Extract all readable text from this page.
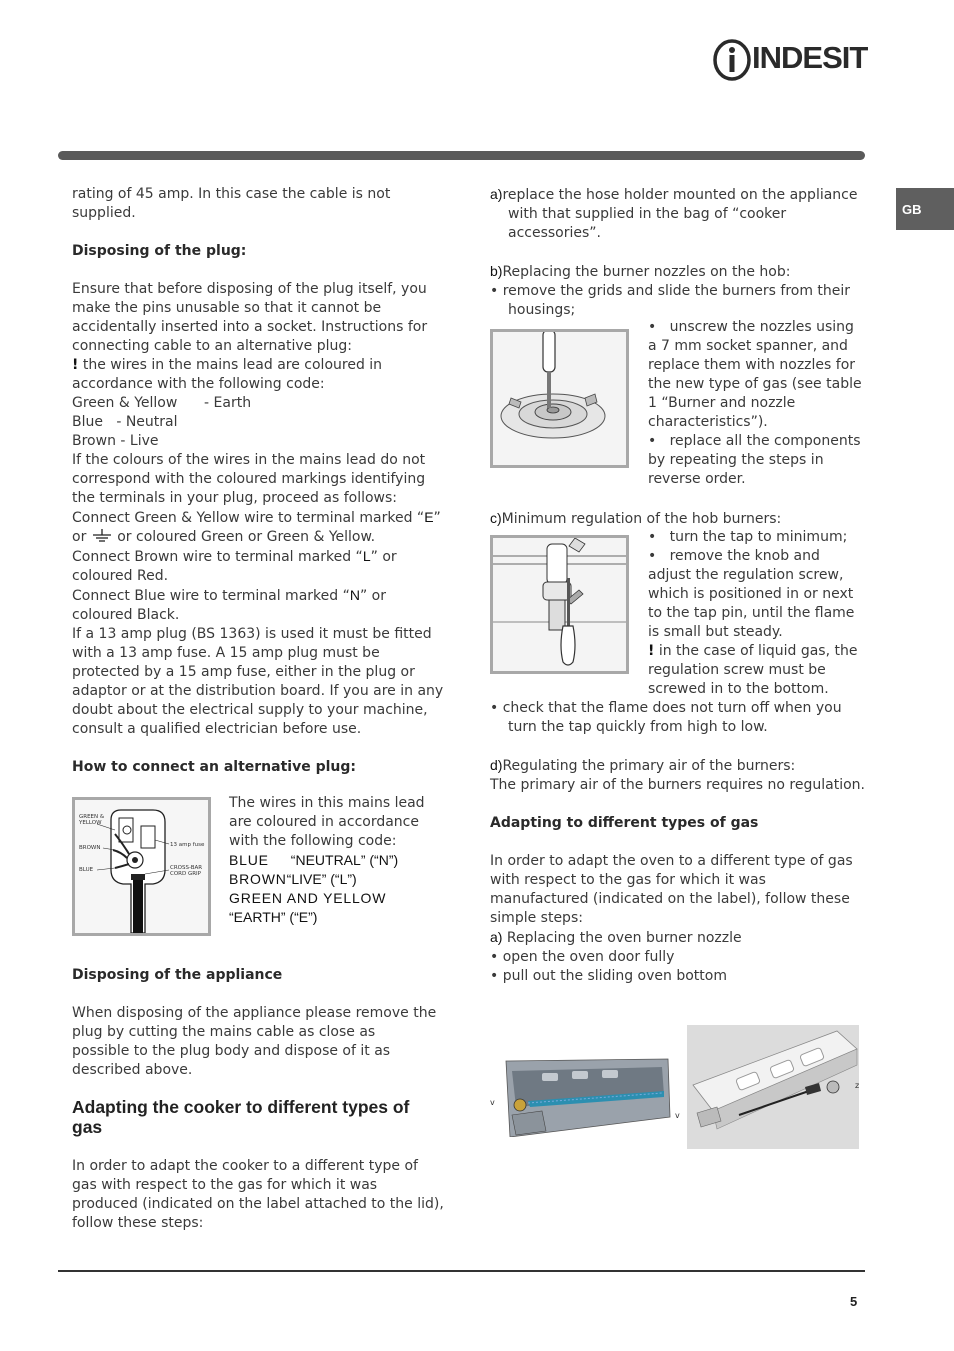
INDESIT
GB

rating of 45 amp. In this case the cable is not

supplied.

Disposing of the plug:

Ensure that before disposing of the plug itself, you

make the pins unusable so that it cannot be

accidentally inserted into a socket. Instructions for

connecting cable to an alternative plug:

! the wires in the mains lead are coloured in

accordance with the following code:

Green & Yellow      - Earth

Blue   - Neutral

Brown - Live

If the colours of the wires in the mains lead do not

correspond with the coloured markings identifying

the terminals in your plug, proceed as follows:

Connect Green & Yellow wire to terminal marked “E”

or  or coloured Green or Green & Yellow.

Connect Brown wire to terminal marked “L” or

coloured Red.

Connect Blue wire to terminal marked “N” or

coloured Black.

If a 13 amp plug (BS 1363) is used it must be fitted

with a 13 amp fuse. A 15 amp plug must be

protected by a 15 amp fuse, either in the plug or

adaptor or at the distribution board. If you are in any

doubt about the electrical supply to your machine,

consult a qualified electrician before use.

How to connect an alternative plug:

GREEN &
YELLOW
BROWN
BLUE
13 amp fuse
CROSS-BAR
CORD GRIP

The wires in this mains lead

are coloured in accordance

with the following code:

BLUE “NEUTRAL” (“N”)

BROWN“LIVE” (“L”)

GREEN AND YELLOW

“EARTH” (“E”)

Disposing of the appliance

When disposing of the appliance please remove the

plug by cutting the mains cable as close as

possible to the plug body and dispose of it as

described above.

Adapting the cooker to different types of
gas

In order to adapt the cooker to a different type of

gas with respect to the gas for which it was

produced (indicated on the label attached to the lid),

follow these steps:

a)replace the hose holder mounted on the appliance with that supplied in the bag of “cooker accessories”.

b)Replacing the burner nozzles on the hob:

• remove the grids and slide the burners from their housings;

•   unscrew the nozzles using

a 7 mm socket spanner, and

replace them with nozzles for

the new type of gas (see table

1 “Burner and nozzle

characteristics”).

•   replace all the components

by repeating the steps in

reverse order.

c)Minimum regulation of the hob burners:

•   turn the tap to minimum;

•   remove the knob and

adjust the regulation screw,

which is positioned in or next

to the tap pin, until the flame

is small but steady.

! in the case of liquid gas, the

regulation screw must be

screwed in to the bottom.

• check that the flame does not turn off when you turn the tap quickly from high to low.

d)Regulating the primary air of the burners:

The primary air of the burners requires no regulation.

Adapting to different types of gas

In order to adapt the oven to a different type of gas

with respect to the gas for which it was

manufactured (indicated on the label), follow these

simple steps:

a) Replacing the oven burner nozzle

• open the oven door fully

• pull out the sliding oven bottom

v
v
z
5
